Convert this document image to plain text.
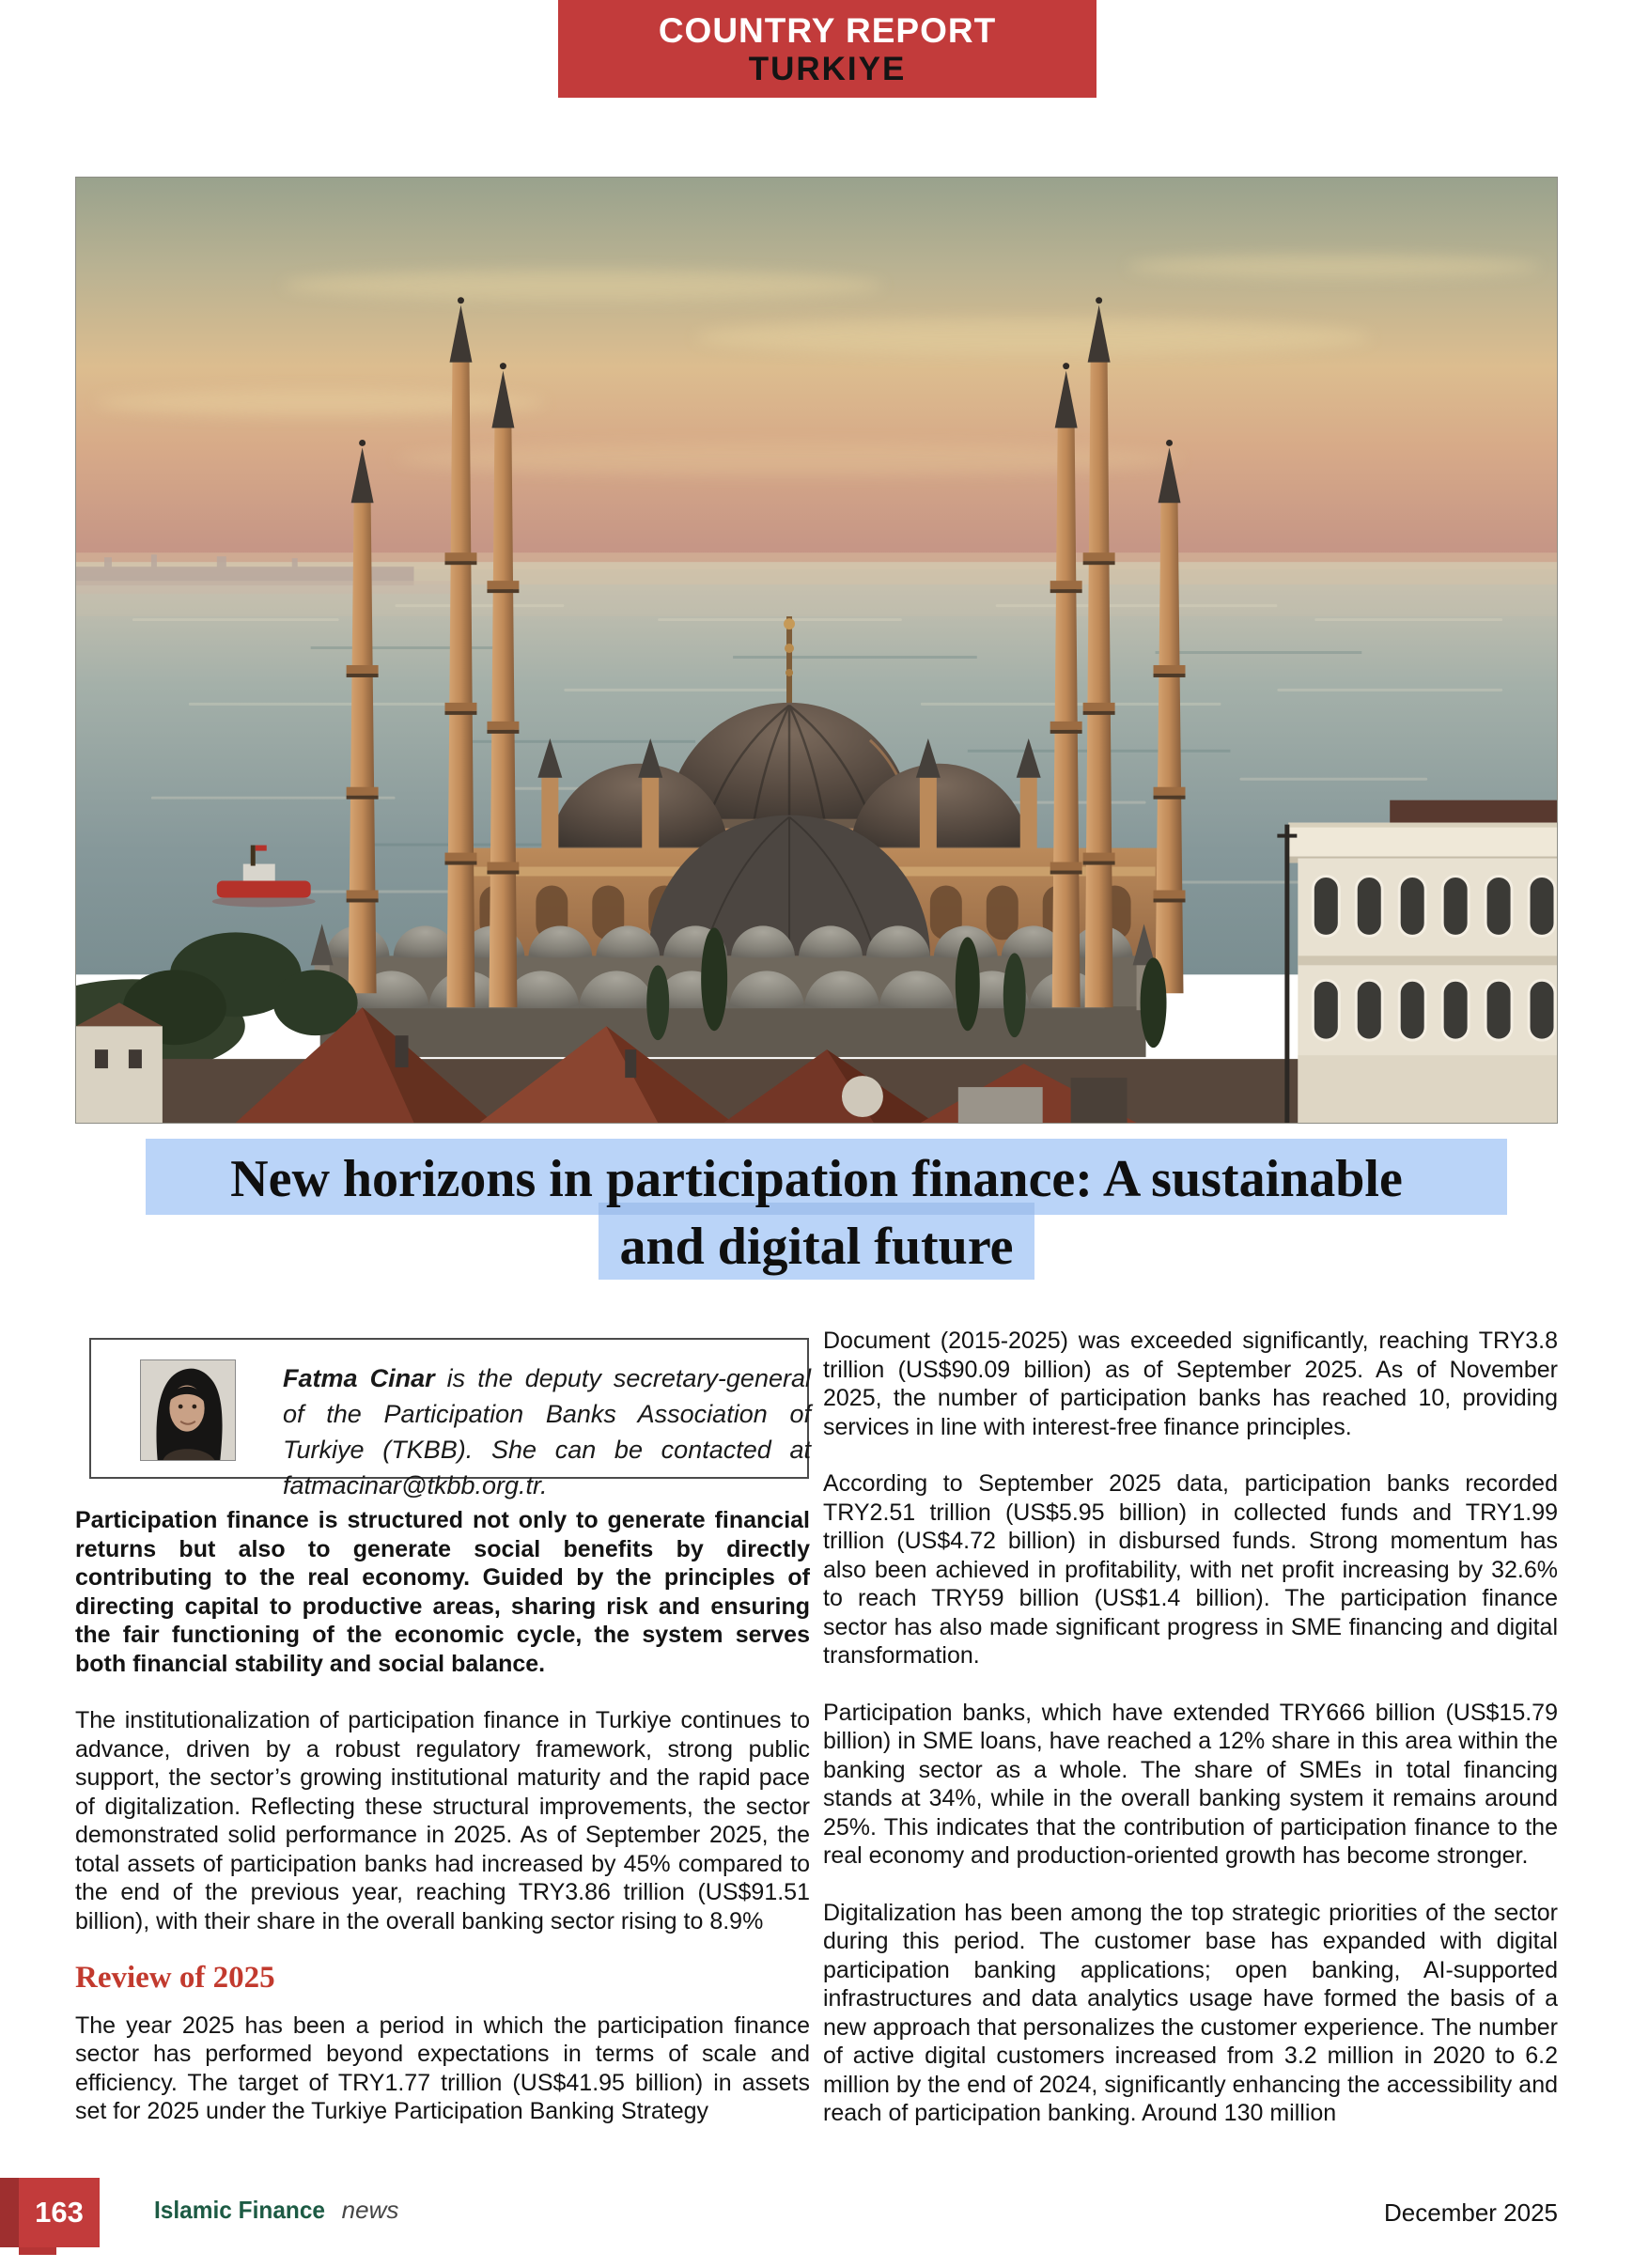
COUNTRY REPORT
TURKIYE
New horizons in participation finance: A sustainable
and digital future
Fatma Cinar is the deputy secretary-general of the Participation Banks Association of Turkiye (TKBB). She can be contacted at fatmacinar@tkbb.org.tr.

Participation finance is structured not only to generate financial returns but also to generate social benefits by directly contributing to the real economy. Guided by the principles of directing capital to productive areas, sharing risk and ensuring the fair functioning of the economic cycle, the system serves both financial stability and social balance.

The institutionalization of participation finance in Turkiye continues to advance, driven by a robust regulatory framework, strong public support, the sector’s growing institutional maturity and the rapid pace of digitalization. Reflecting these structural improvements, the sector demonstrated solid performance in 2025. As of September 2025, the total assets of participation banks had increased by 45% compared to the end of the previous year, reaching TRY3.86 trillion (US$91.51 billion), with their share in the overall banking sector rising to 8.9%

Review of 2025

The year 2025 has been a period in which the participation finance sector has performed beyond expectations in terms of scale and efficiency. The target of TRY1.77 trillion (US$41.95 billion) in assets set for 2025 under the Turkiye Participation Banking Strategy

Document (2015-2025) was exceeded significantly, reaching TRY3.8 trillion (US$90.09 billion) as of September 2025. As of November 2025, the number of participation banks has reached 10, providing services in line with interest-free finance principles.

According to September 2025 data, participation banks recorded TRY2.51 trillion (US$5.95 billion) in collected funds and TRY1.99 trillion (US$4.72 billion) in disbursed funds. Strong momentum has also been achieved in profitability, with net profit increasing by 32.6% to reach TRY59 billion (US$1.4 billion). The participation finance sector has also made significant progress in SME financing and digital transformation.

Participation banks, which have extended TRY666 billion (US$15.79 billion) in SME loans, have reached a 12% share in this area within the banking sector as a whole. The share of SMEs in total financing stands at 34%, while in the overall banking system it remains around 25%. This indicates that the contribution of participation finance to the real economy and production-oriented growth has become stronger.

Digitalization has been among the top strategic priorities of the sector during this period. The customer base has expanded with digital participation banking applications; open banking, AI-supported infrastructures and data analytics usage have formed the basis of a new approach that personalizes the customer experience. The number of active digital customers increased from 3.2 million in 2020 to 6.2 million by the end of 2024, significantly enhancing the accessibility and reach of participation banking. Around 130 million

163	Islamic Finance news	December 2025
